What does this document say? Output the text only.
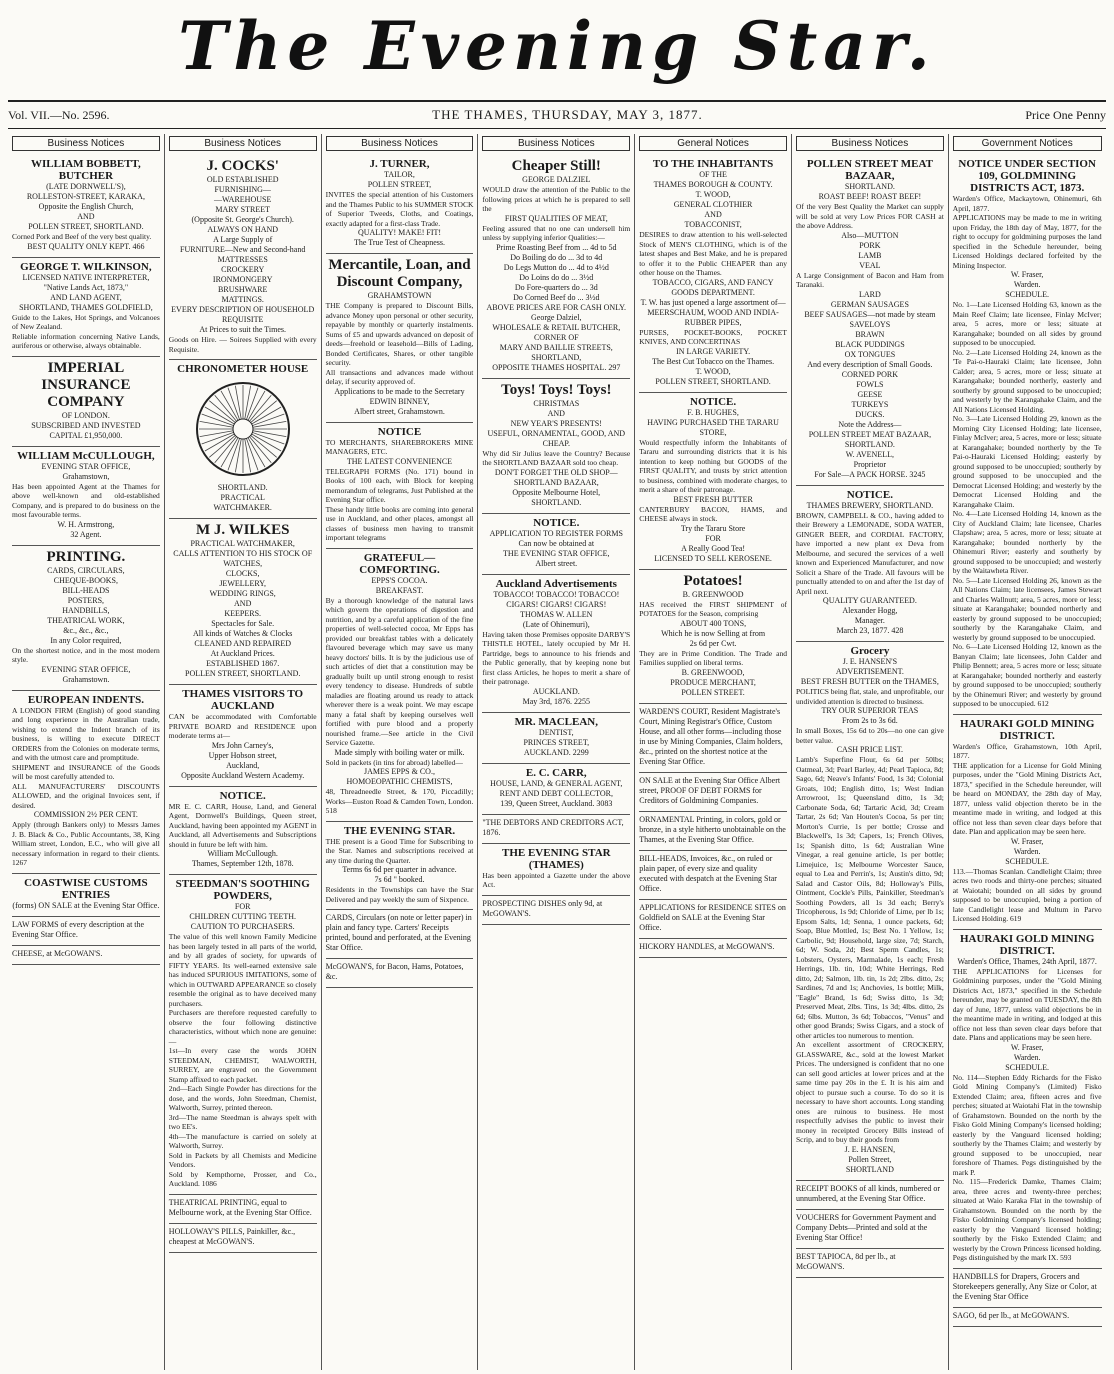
The Evening Star.
Vol. VII.—No. 2596.	THE THAMES, THURSDAY, MAY 3, 1877.	Price One Penny
Business Notices
WILLIAM BOBBETT, BUTCHER
(LATE DORNWELL'S),
ROLLESTON-STREET, KARAKA,
Opposite the English Church,
AND
POLLEN STREET, SHORTLAND.
Corned Pork and Beef of the very best quality.
BEST QUALITY ONLY KEPT. 466
GEORGE T. WILKINSON,
LICENSED NATIVE INTERPRETER,
"Native Lands Act, 1873,"
AND LAND AGENT,
SHORTLAND, THAMES GOLDFIELD,
Guide to the Lakes, Hot Springs, and Volcanoes of New Zealand.
Reliable information concerning Native Lands, auriferous or otherwise, always obtainable.
IMPERIAL INSURANCE COMPANY
OF LONDON.
SUBSCRIBED AND INVESTED
CAPITAL £1,950,000.
WILLIAM McCULLOUGH,
EVENING STAR OFFICE,
Grahamstown,
Has been appointed Agent at the Thames for above well-known and old-established Company, and is prepared to do business on the most favourable terms.
W. H. Armstrong,
32 Agent.
PRINTING.
CARDS, CIRCULARS,
CHEQUE-BOOKS,
BILL-HEADS
POSTERS,
HANDBILLS,
THEATRICAL WORK,
&c., &c., &c.,
In any Color required,
On the shortest notice, and in the most modern style.
EVENING STAR OFFICE,
Grahamstown.
EUROPEAN INDENTS.
A LONDON FIRM (English) of good standing and long experience in the Australian trade, wishing to extend the Indent branch of its business, is willing to execute DIRECT ORDERS from the Colonies on moderate terms, and with the utmost care and promptitude.
SHIPMENT and INSURANCE of the Goods will be most carefully attended to.
ALL MANUFACTURERS' DISCOUNTS ALLOWED, and the original Invoices sent, if desired.
COMMISSION 2½ PER CENT.
Apply (through Bankers only) to Messrs James J. B. Black & Co., Public Accountants, 38, King William street, London, E.C., who will give all necessary information in regard to their clients. 1267
COASTWISE CUSTOMS ENTRIES
(forms) ON SALE at the Evening Star Office.
LAW FORMS of every description at the Evening Star Office.
CHEESE, at McGOWAN'S.
Business Notices
J. COCKS'
OLD ESTABLISHED
FURNISHING—
—WAREHOUSE
MARY STREET
(Opposite St. George's Church).
ALWAYS ON HAND
A Large Supply of
FURNITURE—New and Second-hand
MATTRESSES
CROCKERY
IRONMONGERY
BRUSHWARE
MATTINGS.
EVERY DESCRIPTION OF HOUSEHOLD REQUISITE
At Prices to suit the Times.
Goods on Hire. — Soirees Supplied with every Requisite.
CHRONOMETER HOUSE
SHORTLAND.
PRACTICAL
WATCHMAKER.
M J. WILKES
PRACTICAL WATCHMAKER,
CALLS ATTENTION TO HIS STOCK OF
WATCHES,
CLOCKS,
JEWELLERY,
WEDDING RINGS,
AND
KEEPERS.
Spectacles for Sale.
All kinds of Watches & Clocks
CLEANED AND REPAIRED
At Auckland Prices.
ESTABLISHED 1867.
POLLEN STREET, SHORTLAND.
THAMES VISITORS TO AUCKLAND
CAN be accommodated with Comfortable PRIVATE BOARD and RESIDENCE upon moderate terms at—
Mrs John Carney's,
Upper Hobson street,
Auckland,
Opposite Auckland Western Academy.
NOTICE.
MR E. C. CARR, House, Land, and General Agent, Dornwell's Buildings, Queen street, Auckland, having been appointed my AGENT in Auckland, all Advertisements and Subscriptions should in future be left with him.
William McCullough.
Thames, September 12th, 1878.
STEEDMAN'S SOOTHING POWDERS,
FOR
CHILDREN CUTTING TEETH.
CAUTION TO PURCHASERS.
The value of this well known Family Medicine has been largely tested in all parts of the world, and by all grades of society, for upwards of FIFTY YEARS. Its well-earned extensive sale has induced SPURIOUS IMITATIONS, some of which in OUTWARD APPEARANCE so closely resemble the original as to have deceived many purchasers.
Purchasers are therefore requested carefully to observe the four following distinctive characteristics, without which none are genuine:—
1st—In every case the words JOHN STEEDMAN, CHEMIST, WALWORTH, SURREY, are engraved on the Government Stamp affixed to each packet.
2nd—Each Single Powder has directions for the dose, and the words, John Steedman, Chemist, Walworth, Surrey, printed thereon.
3rd—The name Steedman is always spelt with two EE's.
4th—The manufacture is carried on solely at Walworth, Surrey.
Sold in Packets by all Chemists and Medicine Vendors.
Sold by Kempthorne, Prosser, and Co., Auckland. 1086
THEATRICAL PRINTING, equal to Melbourne work, at the Evening Star Office.
HOLLOWAY'S PILLS, Painkiller, &c., cheapest at McGOWAN'S.
Business Notices
J. TURNER,
TAILOR,
POLLEN STREET,
INVITES the special attention of his Customers and the Thames Public to his SUMMER STOCK of Superior Tweeds, Cloths, and Coatings, exactly adapted for a first-class Trade.
QUALITY! MAKE! FIT!
The True Test of Cheapness.
Mercantile, Loan, and Discount Company,
GRAHAMSTOWN
THE Company is prepared to Discount Bills, advance Money upon personal or other security, repayable by monthly or quarterly instalments. Sums of £5 and upwards advanced on deposit of deeds—freehold or leasehold—Bills of Lading, Bonded Certificates, Shares, or other tangible security.
All transactions and advances made without delay, if security approved of.
Applications to be made to the Secretary
EDWIN BINNEY,
Albert street, Grahamstown.
NOTICE
TO MERCHANTS, SHAREBROKERS MINE MANAGERS, ETC.
THE LATEST CONVENIENCE
TELEGRAPH FORMS (No. 171) bound in Books of 100 each, with Block for keeping memorandum of telegrams, Just Published at the Evening Star office.
These handy little books are coming into general use in Auckland, and other places, amongst all classes of business men having to transmit important telegrams
GRATEFUL—COMFORTING.
EPPS'S COCOA.
BREAKFAST.
By a thorough knowledge of the natural laws which govern the operations of digestion and nutrition, and by a careful application of the fine properties of well-selected cocoa, Mr Epps has provided our breakfast tables with a delicately flavoured beverage which may save us many heavy doctors' bills. It is by the judicious use of such articles of diet that a constitution may be gradually built up until strong enough to resist every tendency to disease. Hundreds of subtle maladies are floating around us ready to attack wherever there is a weak point. We may escape many a fatal shaft by keeping ourselves well fortified with pure blood and a properly nourished frame.—See article in the Civil Service Gazette.
Made simply with boiling water or milk.
Sold in packets (in tins for abroad) labelled—
JAMES EPPS & CO.,
HOMOEOPATHIC CHEMISTS,
48, Threadneedle Street, & 170, Piccadilly; Works—Euston Road & Camden Town, London. 518
THE EVENING STAR.
THE present is a Good Time for Subscribing to the Star. Names and subscriptions received at any time during the Quarter.
Terms 6s 6d per quarter in advance.
7s 6d " booked.
Residents in the Townships can have the Star Delivered and pay weekly the sum of Sixpence.
CARDS, Circulars (on note or letter paper) in plain and fancy type. Carters' Receipts printed, bound and perforated, at the Evening Star Office.
McGOWAN'S, for Bacon, Hams, Potatoes, &c.
Business Notices
Cheaper Still!
GEORGE DALZIEL
WOULD draw the attention of the Public to the following prices at which he is prepared to sell the
FIRST QUALITIES OF MEAT,
Feeling assured that no one can undersell him unless by supplying inferior Qualities:—
Prime Roasting Beef from ... 4d to 5d
Do Boiling do do ... 3d to 4d
Do Legs Mutton do ... 4d to 4½d
Do Loins do do ... 3½d
Do Fore-quarters do ... 3d
Do Corned Beef do ... 3½d
ABOVE PRICES ARE FOR CASH ONLY.
George Dalziel,
WHOLESALE & RETAIL BUTCHER,
CORNER OF
MARY AND BAILLIE STREETS,
SHORTLAND,
OPPOSITE THAMES HOSPITAL. 297
Toys! Toys! Toys!
CHRISTMAS
AND
NEW YEAR'S PRESENTS!
USEFUL, ORNAMENTAL, GOOD, AND CHEAP.
Why did Sir Julius leave the Country? Because the SHORTLAND BAZAAR sold too cheap.
DON'T FORGET THE OLD SHOP—
SHORTLAND BAZAAR,
Opposite Melbourne Hotel,
SHORTLAND.
NOTICE.
APPLICATION TO REGISTER FORMS
Can now be obtained at
THE EVENING STAR OFFICE,
Albert street.
Auckland Advertisements
TOBACCO! TOBACCO! TOBACCO!
CIGARS! CIGARS! CIGARS!
THOMAS W. ALLEN
(Late of Ohinemuri),
Having taken those Premises opposite DARBY'S THISTLE HOTEL, lately occupied by Mr H. Partridge, begs to announce to his friends and the Public generally, that by keeping none but first class Articles, he hopes to merit a share of their patronage.
AUCKLAND.
May 3rd, 1876. 2255
MR. MACLEAN,
DENTIST,
PRINCES STREET,
AUCKLAND. 2299
E. C. CARR,
HOUSE, LAND, & GENERAL AGENT,
RENT AND DEBT COLLECTOR,
139, Queen Street, Auckland. 3083
"THE DEBTORS AND CREDITORS ACT, 1876.
THE EVENING STAR (THAMES)
Has been appointed a Gazette under the above Act.
PROSPECTING DISHES only 9d, at McGOWAN'S.
General Notices
TO THE INHABITANTS
OF THE
THAMES BOROUGH & COUNTY.
T. WOOD,
GENERAL CLOTHIER
AND
TOBACCONIST,
DESIRES to draw attention to his well-selected Stock of MEN'S CLOTHING, which is of the latest shapes and Best Make, and he is prepared to offer it to the Public CHEAPER than any other house on the Thames.
TOBACCO, CIGARS, AND FANCY GOODS DEPARTMENT.
T. W. has just opened a large assortment of—
MEERSCHAUM, WOOD AND INDIA-RUBBER PIPES,
PURSES, POCKET-BOOKS, POCKET KNIVES, AND CONCERTINAS
IN LARGE VARIETY.
The Best Cut Tobacco on the Thames.
T. WOOD,
POLLEN STREET, SHORTLAND.
NOTICE.
F. B. HUGHES,
HAVING PURCHASED THE TARARU STORE,
Would respectfully inform the Inhabitants of Tararu and surrounding districts that it is his intention to keep nothing but GOODS of the FIRST QUALITY, and trusts by strict attention to business, combined with moderate charges, to merit a share of their patronage.
BEST FRESH BUTTER
CANTERBURY BACON, HAMS, and CHEESE always in stock.
Try the Tararu Store
FOR
A Really Good Tea!
LICENSED TO SELL KEROSENE.
Potatoes!
B. GREENWOOD
HAS received the FIRST SHIPMENT of POTATOES for the Season, comprising
ABOUT 400 TONS,
Which he is now Selling at from
2s 6d per Cwt.
They are in Prime Condition. The Trade and Families supplied on liberal terms.
B. GREENWOOD,
PRODUCE MERCHANT,
POLLEN STREET.
WARDEN'S COURT, Resident Magistrate's Court, Mining Registrar's Office, Custom House, and all other forms—including those in use by Mining Companies, Claim holders, &c., printed on the shortest notice at the Evening Star Office.
ON SALE at the Evening Star Office Albert street, PROOF OF DEBT FORMS for Creditors of Goldmining Companies.
ORNAMENTAL Printing, in colors, gold or bronze, in a style hitherto unobtainable on the Thames, at the Evening Star Office.
BILL-HEADS, Invoices, &c., on ruled or plain paper, of every size and quality executed with despatch at the Evening Star Office.
APPLICATIONS for RESIDENCE SITES on Goldfield on SALE at the Evening Star Office.
HICKORY HANDLES, at McGOWAN'S.
Business Notices
POLLEN STREET MEAT BAZAAR,
SHORTLAND.
ROAST BEEF! ROAST BEEF!
Of the very Best Quality the Market can supply will be sold at very Low Prices FOR CASH at the above Address.
Also—MUTTON
PORK
LAMB
VEAL
A Large Consignment of Bacon and Ham from Taranaki.
LARD
GERMAN SAUSAGES
BEEF SAUSAGES—not made by steam
SAVELOYS
BRAWN
BLACK PUDDINGS
OX TONGUES
And every description of Small Goods.
CORNED PORK
FOWLS
GEESE
TURKEYS
DUCKS.
Note the Address—
POLLEN STREET MEAT BAZAAR,
SHORTLAND.
W. AVENELL,
Proprietor
For Sale—A PACK HORSE. 3245
NOTICE.
THAMES BREWERY, SHORTLAND.
BROWN, CAMPBELL & CO., having added to their Brewery a LEMONADE, SODA WATER, GINGER BEER, and CORDIAL FACTORY, have imported a new plant ex Deva from Melbourne, and secured the services of a well known and Experienced Manufacturer, and now Solicit a Share of the Trade. All favours will be punctually attended to on and after the 1st day of April next.
QUALITY GUARANTEED.
Alexander Hogg,
Manager.
March 23, 1877. 428
Grocery
J. E. HANSEN'S
ADVERTISEMENT.
BEST FRESH BUTTER on the THAMES,
POLITICS being flat, stale, and unprofitable, our undivided attention is directed to business.
TRY OUR SUPERIOR TEAS
From 2s to 3s 6d.
In small Boxes, 15s 6d to 20s—no one can give better value.
CASH PRICE LIST.
Lamb's Superfine Flour, 6s 6d per 50lbs; Oatmeal, 3d; Pearl Barley, 4d; Pearl Tapioca, 8d; Sago, 6d; Neave's Infants' Food, 1s 3d; Colonial Groats, 10d; English ditto, 1s; West Indian Arrowroot, 1s; Queensland ditto, 1s 3d; Carbonate Soda, 6d; Tartaric Acid, 3d; Cream Tartar, 2s 6d; Van Houten's Cocoa, 5s per tin; Morton's Currie, 1s per bottle; Crosse and Blackwell's, 1s 3d; Capers, 1s; French Olives, 1s; Spanish ditto, 1s 6d; Australian Wine Vinegar, a real genuine article, 1s per bottle; Limejuice, 1s; Melbourne Worcester Sauce, equal to Lea and Perrin's, 1s; Austin's ditto, 9d; Salad and Castor Oils, 8d; Holloway's Pills, Ointment, Cockle's Pills, Painkiller, Steedman's Soothing Powders, all 1s 3d each; Berry's Tricopherous, 1s 9d; Chloride of Lime, per lb 1s; Epsom Salts, 1d; Senna, 1 ounce packets, 6d; Soap, Blue Mottled, 1s; Best No. 1 Yellow, 1s; Carbolic, 9d; Household, large size, 7d; Starch, 6d; W. Soda, 2d; Best Sperm Candles, 1s; Lobsters, Oysters, Marmalade, 1s each; Fresh Herrings, 1lb. tin, 10d; White Herrings, Red ditto, 2d; Salmon, 1lb. tin, 1s 2d; 2lbs. ditto, 2s; Sardines, 7d and 1s; Anchovies, 1s bottle; Milk, "Eagle" Brand, 1s 6d; Swiss ditto, 1s 3d; Preserved Meat, 2lbs. Tins, 1s 3d; 4lbs. ditto, 2s 6d; 6lbs. Mutton, 3s 6d; Tobaccos, "Venus" and other good Brands; Swiss Cigars, and a stock of other articles too numerous to mention.
An excellent assortment of CROCKERY, GLASSWARE, &c., sold at the lowest Market Prices. The undersigned is confident that no one can sell good articles at lower prices and at the same time pay 20s in the £. It is his aim and object to pursue such a course. To do so it is necessary to have short accounts. Long standing ones are ruinous to business. He most respectfully advises the public to invest their money in receipted Grocery Bills instead of Scrip, and to buy their goods from
J. E. HANSEN,
Pollen Street,
SHORTLAND
RECEIPT BOOKS of all kinds, numbered or unnumbered, at the Evening Star Office.
VOUCHERS for Government Payment and Company Debts—Printed and sold at the Evening Star Office!
BEST TAPIOCA, 8d per lb., at McGOWAN'S.
Government Notices
NOTICE UNDER SECTION 109, GOLDMINING DISTRICTS ACT, 1873.
Warden's Office, Mackaytown, Ohinemuri, 6th April, 1877.
APPLICATIONS may be made to me in writing upon Friday, the 18th day of May, 1877, for the right to occupy for goldmining purposes the land specified in the Schedule hereunder, being Licensed Holdings declared forfeited by the Mining Inspector.
W. Fraser,
Warden.
SCHEDULE.
No. 1—Late Licensed Holding 63, known as the Main Reef Claim; late licensee, Finlay McIver; area, 5 acres, more or less; situate at Karangahake; bounded on all sides by ground supposed to be unoccupied.
No. 2—Late Licensed Holding 24, known as the 'Te Pai-o-Hauraki Claim; late licensee, John Calder; area, 5 acres, more or less; situate at Karangahake; bounded northerly, easterly and southerly by ground supposed to be unoccupied; and westerly by the Karangahake Claim, and the All Nations Licensed Holding.
No. 3—Late Licensed Holding 29, known as the Morning City Licensed Holding; late licensee, Finlay McIver; area, 5 acres, more or less; situate at Karangahake; bounded northerly by the Te Pai-o-Hauraki Licensed Holding; easterly by ground supposed to be unoccupied; southerly by ground supposed to be unoccupied and the Democrat Licensed Holding; and westerly by the Democrat Licensed Holding and the Karangahake Claim.
No. 4—Late Licensed Holding 14, known as the City of Auckland Claim; late licensee, Charles Clapshaw; area, 5 acres, more or less; situate at Karangahake; bounded northerly by the Ohinemuri River; easterly and southerly by ground supposed to be unoccupied; and westerly by the Waitawheta River.
No. 5—Late Licensed Holding 26, known as the All Nations Claim; late licensees, James Stewart and Charles Wallnutt; area, 5 acres, more or less; situate at Karangahake; bounded northerly and easterly by ground supposed to be unoccupied; southerly by the Karangahake Claim, and westerly by ground supposed to be unoccupied.
No. 6—Late Licensed Holding 12, known as the Banyan Claim; late licensees, John Calder and Philip Bennett; area, 5 acres more or less; situate at Karangahake; bounded northerly and easterly by ground supposed to be unoccupied; southerly by the Ohinemuri River; and westerly by ground supposed to be unoccupied. 612
HAURAKI GOLD MINING DISTRICT.
Warden's Office, Grahamstown, 10th April, 1877.
THE application for a License for Gold Mining purposes, under the "Gold Mining Districts Act, 1873," specified in the Schedule hereunder, will be heard on MONDAY, the 28th day of May, 1877, unless valid objection thereto be in the meantime made in writing, and lodged at this office not less than seven clear days before that date. Plan and application may be seen here.
W. Fraser,
Warden.
SCHEDULE.
113.—Thomas Scanlan. Candlelight Claim; three acres two roods and thirty-one perches; situated at Waiotahi; bounded on all sides by ground supposed to be unoccupied, being a portion of late Candlelight lease and Multum in Parvo Licensed Holding. 619
HAURAKI GOLD MINING DISTRICT.
Warden's Office, Thames, 24th April, 1877.
THE APPLICATIONS for Licenses for Goldmining purposes, under the "Gold Mining Districts Act, 1873," specified in the Schedule hereunder, may be granted on TUESDAY, the 8th day of June, 1877, unless valid objections be in the meantime made in writing, and lodged at this office not less than seven clear days before that date. Plans and applications may be seen here.
W. Fraser,
Warden.
SCHEDULE.
No. 114—Stephen Eddy Richards for the Fisko Gold Mining Company's (Limited) Fisko Extended Claim; area, fifteen acres and five perches; situated at Waiotahi Flat in the township of Grahamstown. Bounded on the north by the Fisko Gold Mining Company's licensed holding; easterly by the Vanguard licensed holding; southerly by the Thames Claim; and westerly by ground supposed to be unoccupied, near foreshore of Thames. Pegs distinguished by the mark P.
No. 115—Frederick Damke, Thames Claim; area, three acres and twenty-three perches; situated at Waio Karaka Flat in the township of Grahamstown. Bounded on the north by the Fisko Goldmining Company's licensed holding; easterly by the Vanguard licensed holding; southerly by the Fisko Extended Claim; and westerly by the Crown Princess licensed holding. Pegs distinguished by the mark IX. 593
HANDBILLS for Drapers, Grocers and Storekeepers generally, Any Size or Color, at the Evening Star Office
SAGO, 6d per lb., at McGOWAN'S.
